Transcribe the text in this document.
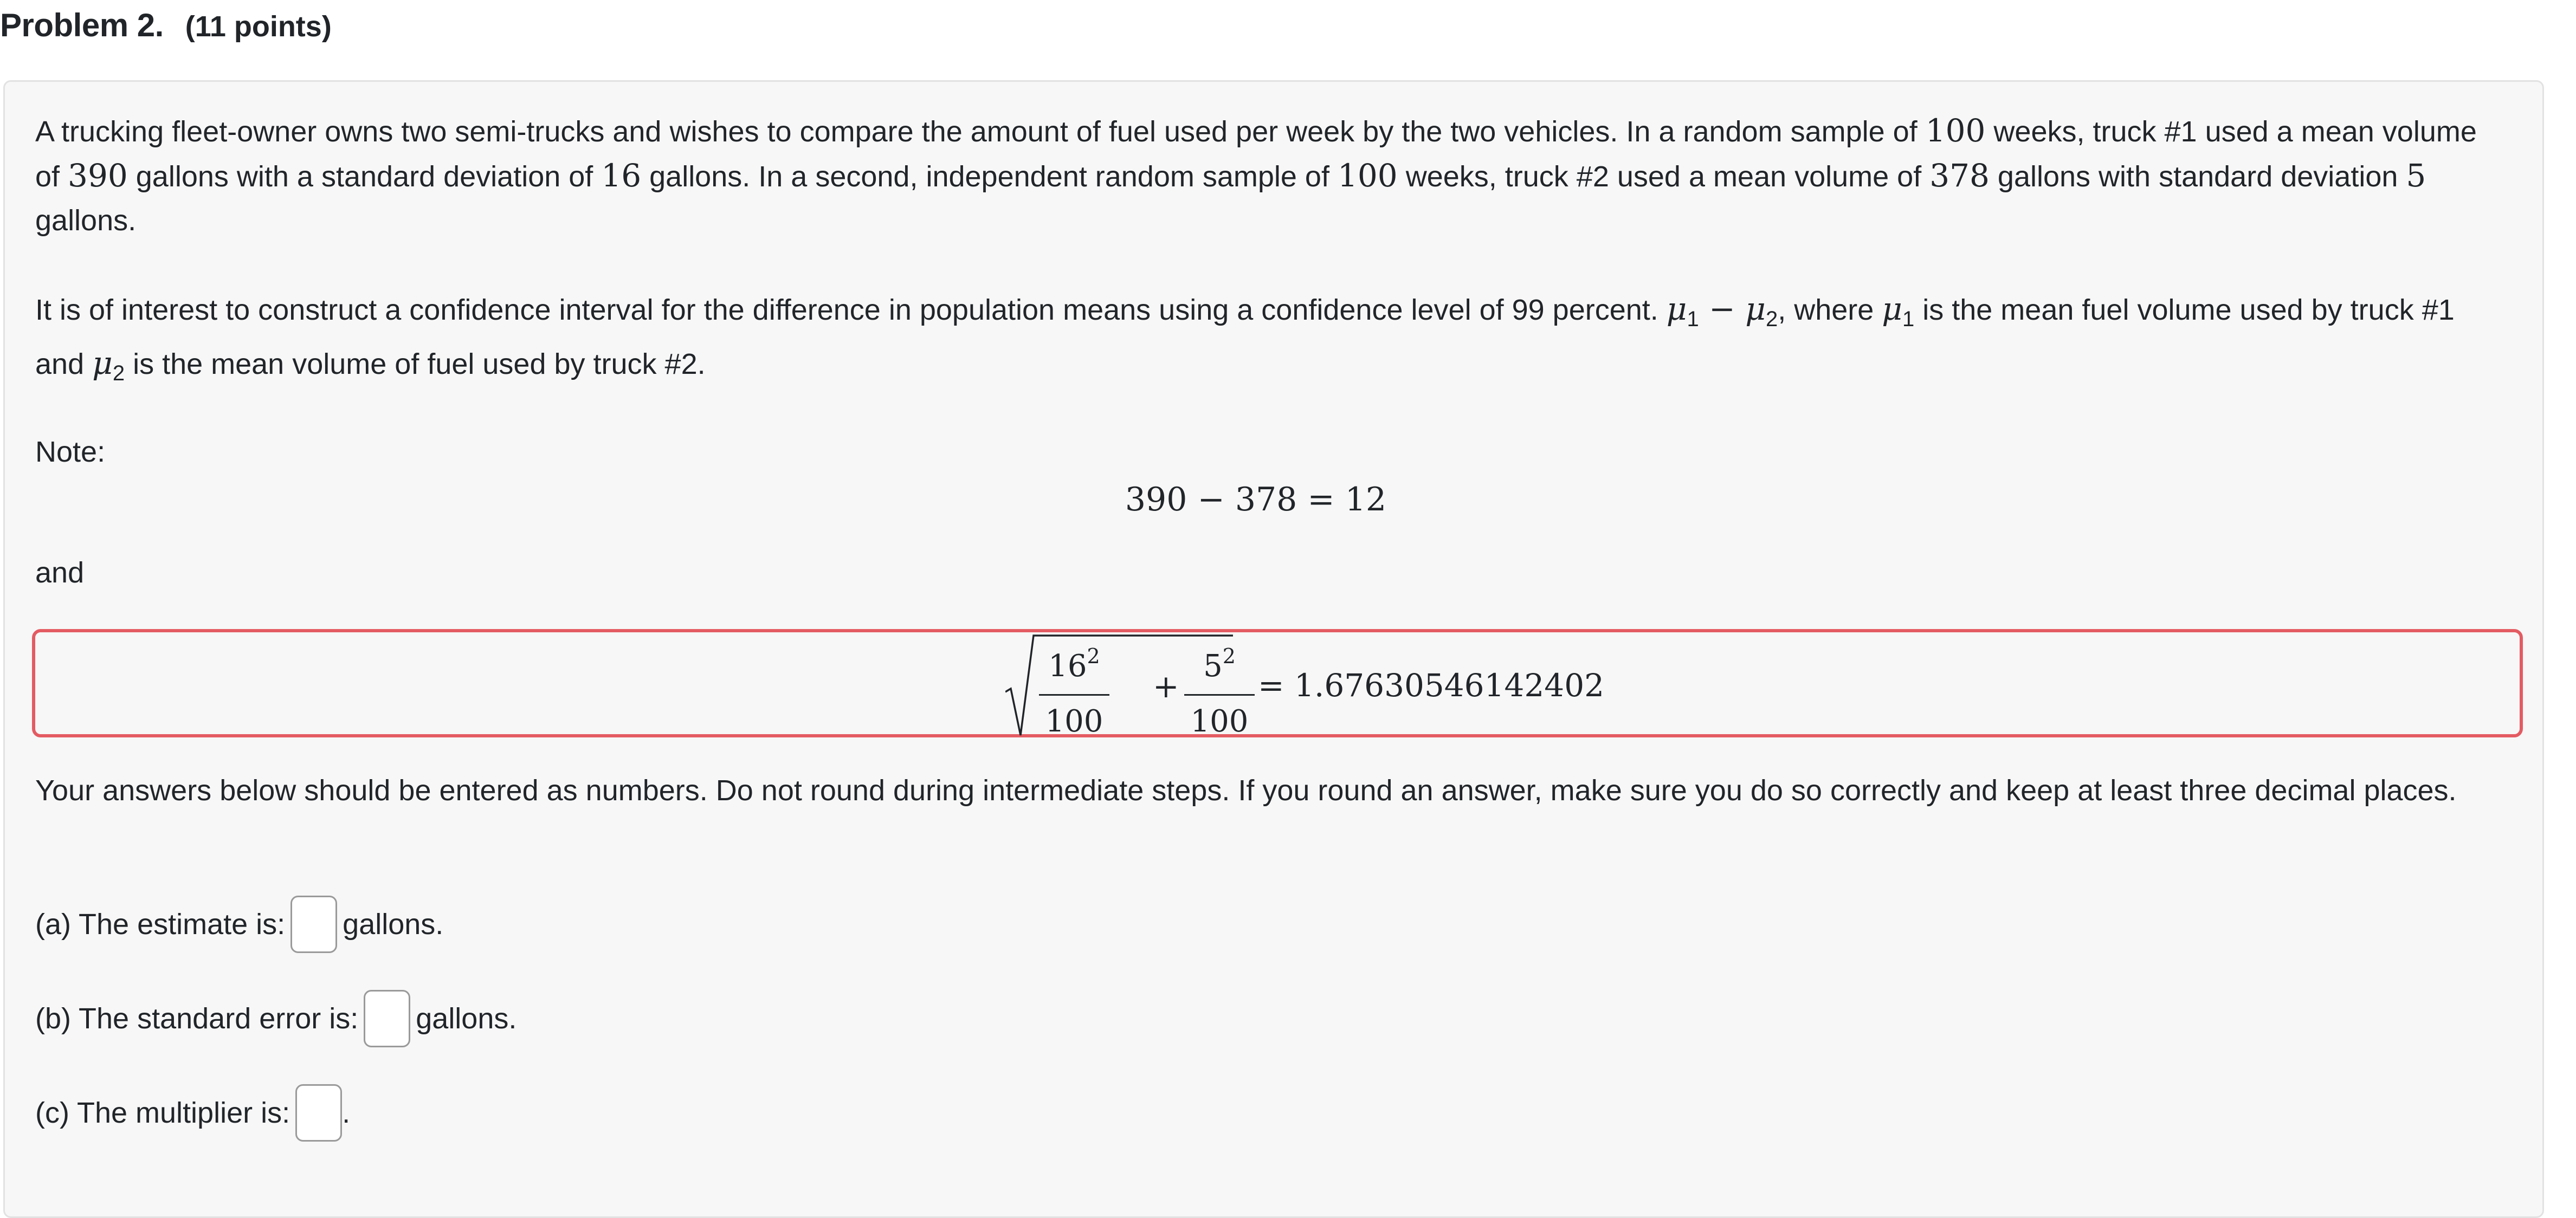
Problem 2. (11 points)

A trucking fleet-owner owns two semi-trucks and wishes to compare the amount of fuel used per week by the two vehicles. In a random sample of 100 weeks, truck #1 used a mean volume of 390 gallons with a standard deviation of 16 gallons. In a second, independent random sample of 100 weeks, truck #2 used a mean volume of 378 gallons with standard deviation 5 gallons.

It is of interest to construct a confidence interval for the difference in population means using a confidence level of 99 percent. $\mu_1 - \mu_2$, where $\mu_1$ is the mean fuel volume used by truck #1 and $\mu_2$ is the mean volume of fuel used by truck #2.

Note:

390 − 378 = 12

and

$16^2$
100
+
$5^2$
100
= 1.67630546142402

Your answers below should be entered as numbers. Do not round during intermediate steps. If you round an answer, make sure you do so correctly and keep at least three decimal places.

(a) The estimate is: gallons.
(b) The standard error is: gallons.
(c) The multiplier is: .
